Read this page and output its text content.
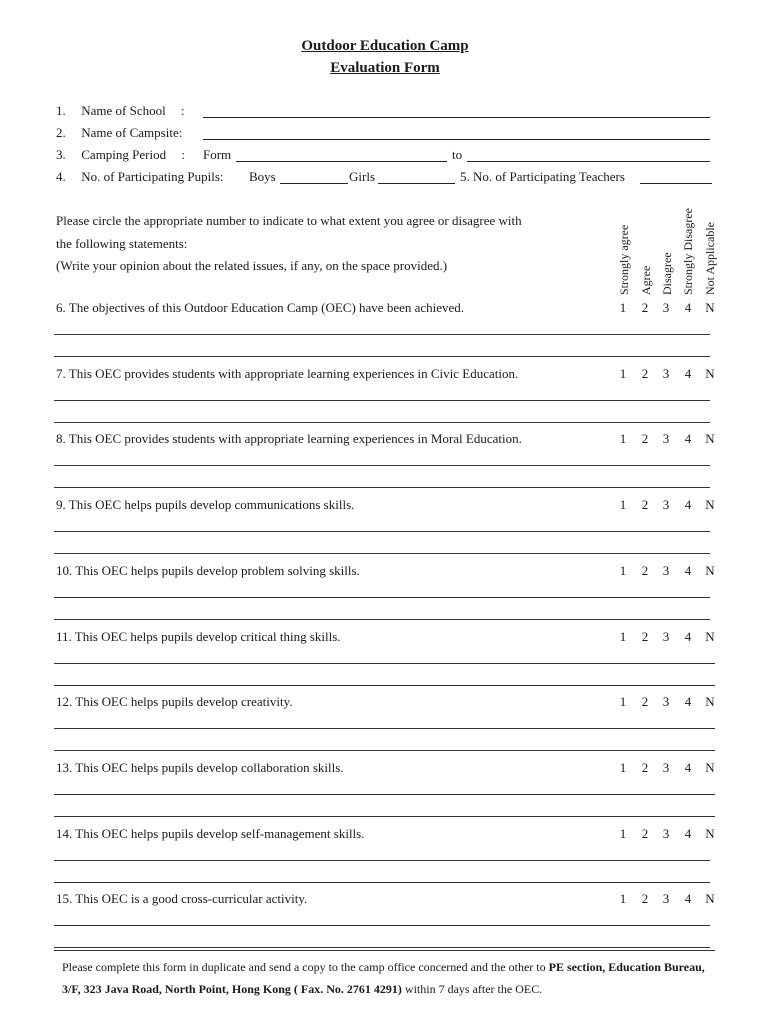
Outdoor Education Camp
Evaluation Form
1. Name of School :
2. Name of Campsite:
3. Camping Period : Form	to
4. No. of Participating Pupils: Boys	Girls	5. No. of Participating Teachers
Please circle the appropriate number to indicate to what extent you agree or disagree with
the following statements:
(Write your opinion about the related issues, if any, on the space provided.)	Strongly agree Agree Disagree Strongly Disagree Not Applicable
6. The objectives of this Outdoor Education Camp (OEC) have been achieved.	1 2 3 4 N
7. This OEC provides students with appropriate learning experiences in Civic Education.	1 2 3 4 N
8. This OEC provides students with appropriate learning experiences in Moral Education.	1 2 3 4 N
9. This OEC helps pupils develop communications skills.	1 2 3 4 N
10. This OEC helps pupils develop problem solving skills.	1 2 3 4 N
11. This OEC helps pupils develop critical thing skills.	1 2 3 4 N
12. This OEC helps pupils develop creativity.	1 2 3 4 N
13. This OEC helps pupils develop collaboration skills.	1 2 3 4 N
14. This OEC helps pupils develop self-management skills.	1 2 3 4 N
15. This OEC is a good cross-curricular activity.	1 2 3 4 N
Please complete this form in duplicate and send a copy to the camp office concerned and the other to PE section, Education Bureau, 3/F, 323 Java Road, North Point, Hong Kong ( Fax. No. 2761 4291) within 7 days after the OEC.
